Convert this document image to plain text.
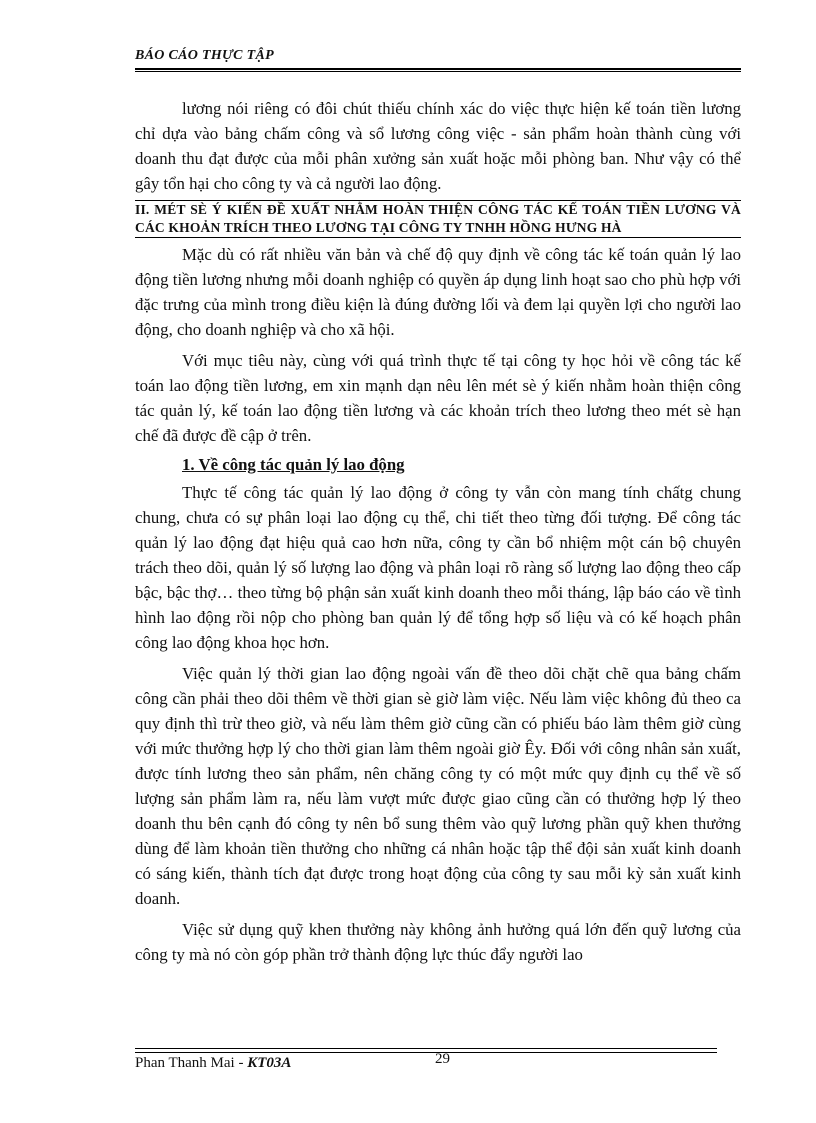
BÁO CÁO THỰC TẬP

lương nói riêng có đôi chút thiếu chính xác do việc thực hiện kế toán tiền lương chỉ dựa vào bảng chấm công và sổ lương công việc - sản phẩm hoàn thành cùng với doanh thu đạt được của mỗi phân xưởng sản xuất hoặc mỗi phòng ban. Như vậy có thể gây tổn hại cho công ty và cả người lao động.

II. MÉT SÈ Ý KIẾN ĐỀ XUẤT NHẰM HOÀN THIỆN CÔNG TÁC KẾ TOÁN TIỀN LƯƠNG VÀ CÁC KHOẢN TRÍCH THEO LƯƠNG TẠI CÔNG TY TNHH HỒNG HƯNG HÀ

Mặc dù có rất nhiều văn bản và chế độ quy định về công tác kế toán quản lý lao động tiền lương nhưng mỗi doanh nghiệp có quyền áp dụng linh hoạt sao cho phù hợp với đặc trưng của mình trong điều kiện là đúng đường lối và đem lại quyền lợi cho người lao động, cho doanh nghiệp và cho xã hội.

Với mục tiêu này, cùng với quá trình thực tế tại công ty học hỏi về công tác kế toán lao động tiền lương, em xin mạnh dạn nêu lên mét sè ý kiến nhằm hoàn thiện công tác quản lý, kế toán lao động tiền lương và các khoản trích theo lương theo mét sè hạn chế đã được đề cập ở trên.

1. Về công tác quản lý lao động

Thực tế công tác quản lý lao động ở công ty vẫn còn mang tính chấtg chung chung, chưa có sự phân loại lao động cụ thể, chi tiết theo từng đối tượng. Để công tác quản lý lao động đạt hiệu quả cao hơn nữa, công ty cần bổ nhiệm một cán bộ chuyên trách theo dõi, quản lý số lượng lao động và phân loại rõ ràng số lượng lao động theo cấp bậc, bậc thợ… theo từng bộ phận sản xuất kinh doanh theo mỗi tháng, lập báo cáo về tình hình lao động rồi nộp cho phòng ban quản lý để tổng hợp số liệu và có kế hoạch phân công lao động khoa học hơn.

Việc quản lý thời gian lao động ngoài vấn đề theo dõi chặt chẽ qua bảng chấm công cần phải theo dõi thêm về thời gian sè giờ làm việc. Nếu làm việc không đủ theo ca quy định thì trừ theo giờ, và nếu làm thêm giờ cũng cần có phiếu báo làm thêm giờ cùng với mức thưởng hợp lý cho thời gian làm thêm ngoài giờ Êy. Đối với công nhân sản xuất, được tính lương theo sản phẩm, nên chăng công ty có một mức quy định cụ thể về số lượng sản phẩm làm ra, nếu làm vượt mức được giao cũng cần có thưởng hợp lý theo doanh thu bên cạnh đó công ty nên bổ sung thêm vào quỹ lương phần quỹ khen thưởng dùng để làm khoản tiền thưởng cho những cá nhân hoặc tập thể đội sản xuất kinh doanh có sáng kiến, thành tích đạt được trong hoạt động của công ty sau mỗi kỳ sản xuất kinh doanh.

Việc sử dụng quỹ khen thưởng này không ảnh hưởng quá lớn đến quỹ lương của công ty mà nó còn góp phần trở thành động lực thúc đẩy người lao

Phan Thanh Mai - KT03A	29
